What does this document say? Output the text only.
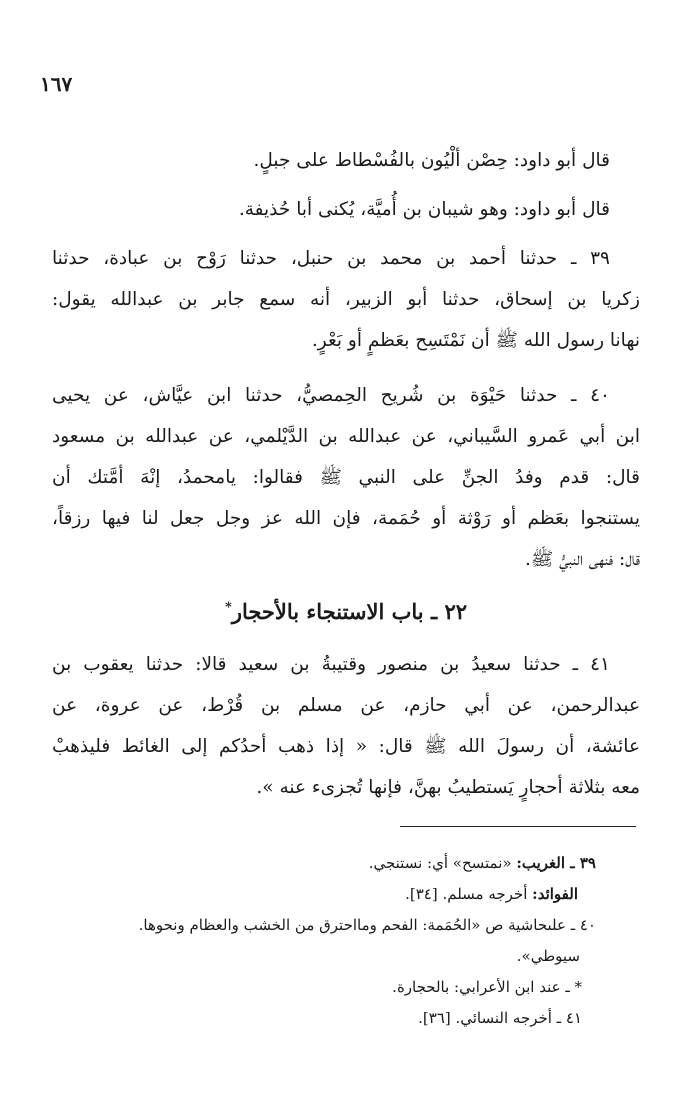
١٦٧

قال أبو داود: حِصْن ألْيُون بالفُسْطاط على جبلٍ.

قال أبو داود: وهو شيبان بن أُميَّة، يُكنى أبا حُذيفة.

٣٩ ـ حدثنا أحمد بن محمد بن حنبل، حدثنا رَوْح بن عبادة، حدثنا

زكريا بن إسحاق، حدثنا أبو الزبير، أنه سمع جابر بن عبدالله يقول:

نهانا رسول الله ﷺ أن نَمْتَسِح بعَظمٍ أو بَعْرٍ.

٤٠ ـ حدثنا حَيْوَة بن شُريح الحِمصيُّ، حدثنا ابن عيَّاش، عن يحيى

ابن أبي عَمرو السَّيباني، عن عبدالله بن الدَّيْلمي، عن عبدالله بن مسعود

قال: قدم وفدُ الجنِّ على النبي ﷺ فقالوا: يامحمدُ، إنْهَ أمَّتك أن

يستنجوا بعَظم أو رَوْثة أو حُمَمة، فإن الله عز وجل جعل لنا فيها رزقاً،

قال: فنهى النبيُّ ﷺ.

٢٢ ـ باب الاستنجاء بالأحجار*

٤١ ـ حدثنا سعيدُ بن منصور وقتيبةُ بن سعيد قالا: حدثنا يعقوب بن

عبدالرحمن، عن أبي حازم، عن مسلم بن قُرْط، عن عروة، عن

عائشة، أن رسولَ الله ﷺ قال: « إذا ذهب أحدُكم إلى الغائط فليذهبْ

معه بثلاثة أحجارٍ يَستطيبُ بهنَّ، فإنها تُجزىء عنه ».

٣٩ ـ الغريب: «نمتسح» أي: نستنجي.

الفوائد: أخرجه مسلم. [٣٤].

٤٠ ـ علىحاشية ص «الحُمَمة: الفحم ومااحترق من الخشب والعظام ونحوها.

سيوطي».

* ـ عند ابن الأعرابي: بالحجارة.

٤١ ـ أخرجه النسائي. [٣٦].
